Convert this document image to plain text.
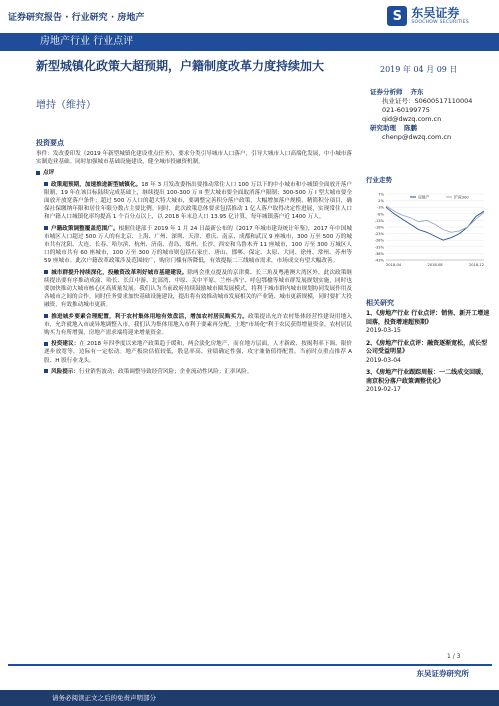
证券研究报告 · 行业研究 · 房地产	S 东吴证券
SOOCHOW SECURITIES
房地产行业 行业点评
新型城镇化政策大超预期，户籍制度改革力度持续加大
增持（维持）
2019 年 04 月 09 日
证券分析师 齐东
执业证号：S0600517110004
021-60199775
qid@dwzq.com.cn
研究助理 陈鹏
chenp@dwzq.com.cn
投资要点

事件：发改委印发《2019 年新型城镇化建设重点任务》，要求分类引导城市人口落户，引导大城市人口高端化发展，中小城市落实制造业基础。同时加强城市基础设施建设，健全城市投融资机制。

点评

政策超预期，加速推进新型城镇化。18 年 3 月发改委指出要推动常住人口 100 万以下的中小城市和小城镇全面放开落户限制，19 年在该目标陆续完成基础上，继续提出 100-300 万 II 型大城市要全面取消落户限制；300-500 万 I 型大城市要全面放开放宽落户条件；超过 500 万人口的超大特大城市，要调整完善积分落户政策，大幅增加落户规模，精简积分项目，确保社保缴纳年限和居住年限分数占主要比例。同时，此次政策总体要求包括推动 1 亿人落户取得决定性进展，实现常住人口和户籍人口城镇化率均提高 1 个百分点以上，以 2018 年末总人口 13.95 亿计算，每年城镇落户近 1400 万人。

户籍政策调整覆盖范围广。根据住建部于 2019 年 1 月 24 日最新公布的《2017 年城市建设统计年鉴》，2017 年中国城市城区人口超过 500 万人的有北京、上海、广州、深圳、天津、重庆、南京、成都和武汉 9 座城市，300 万至 500 万的城市共有沈阳、大连、长春、哈尔滨、杭州、济南、青岛、郑州、长沙、西安和乌鲁木齐 11 座城市，100 万至 300 万城区人口的城市共有 60 座城市，100 万至 300 万的城市则包括石家庄、唐山、邯郸、保定、太原、大同、徐州、常州、苏州等 59 座城市。此次户籍改革政策涉及范围较广，购房门槛有所降低，有效提振二三线城市需求，市场成交有望大幅改善。

城市群提升持续深化，投融资改革利好城市基建建设。除两会重点提及的京津冀、长三角及粤港澳大湾区外，此次政策继续提出要有序推动成渝、哈长、长江中游、北部湾、中原、关中平原、兰州-西宁、呼包鄂榆等城市群发展规划实施，同时也要加快推动大城市核心区高质量发展。我们认为当前政府持续鼓励城市圈发展模式，将利于城市群内城市规划协同发展作用及各城市之间的合作。同时任务要求加快基础设施建设，提出将有效推动城市发展相关的产业链、城市更新规模，同时要扩大投融资，有效推动城市更新。

推进城乡要素合理配置，利于农村集体用地有效盘活，增加农村居民购买力。政策提出允许农村集体经营性建设用地入市，允许就地入市或异地调整入市。我们认为集体用地入市利于要素再分配，土地"市场化"利于农民获得增量资金，农村居民购买力有所增强，房地产需求端将迎来增量资金。

投资建议：在 2018 年四季度以来地产政策趋于缓和，两会淡化房地产，而在地方层面，人才新政、按揭利率下调、限价逐步放宽等，边际有一定松动。地产板块估值较低，股息率高、业绩确定性强，攻守兼备值得配置。当前时点重点推荐 A 股、H 股行业龙头。

风险提示：行业销售波动；政策调整导致经营风险；企业流动性风险；汇率风险。

行业走势
7%
2%
-3%
-8%
-13%
-18%
-23%
-28%
-33%
-38%
-43%
2018-04	2018-08	2018-12
房地产	沪深300
相关研究
1、《房地产行业 行业点评：销售、新开工增速回落，投资增速超预期》
2019-03-15
2、《房地产行业点评：融资逐渐宽松，成长型公司受益明显》
2019-03-04
3、《房地产行业跟踪周报：一二线成交回暖，南京积分落户政策调整优化》
2019-02-17
1 / 3
东吴证券研究所
请务必阅读正文之后的免责声明部分
